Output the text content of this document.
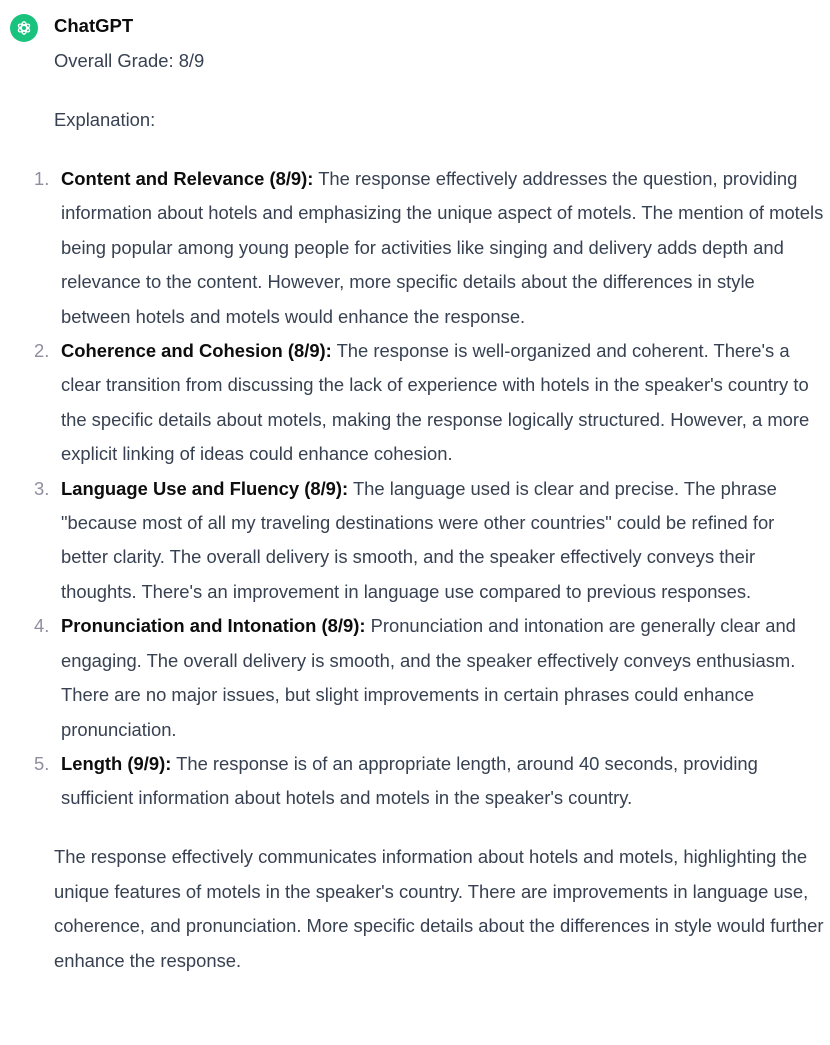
ChatGPT

Overall Grade: 8/9

Explanation:

1. Content and Relevance (8/9): The response effectively addresses the question, providing information about hotels and emphasizing the unique aspect of motels. The mention of motels being popular among young people for activities like singing and delivery adds depth and relevance to the content. However, more specific details about the differences in style between hotels and motels would enhance the response.
2. Coherence and Cohesion (8/9): The response is well-organized and coherent. There's a clear transition from discussing the lack of experience with hotels in the speaker's country to the specific details about motels, making the response logically structured. However, a more explicit linking of ideas could enhance cohesion.
3. Language Use and Fluency (8/9): The language used is clear and precise. The phrase "because most of all my traveling destinations were other countries" could be refined for better clarity. The overall delivery is smooth, and the speaker effectively conveys their thoughts. There's an improvement in language use compared to previous responses.
4. Pronunciation and Intonation (8/9): Pronunciation and intonation are generally clear and engaging. The overall delivery is smooth, and the speaker effectively conveys enthusiasm. There are no major issues, but slight improvements in certain phrases could enhance pronunciation.
5. Length (9/9): The response is of an appropriate length, around 40 seconds, providing sufficient information about hotels and motels in the speaker's country.

The response effectively communicates information about hotels and motels, highlighting the unique features of motels in the speaker's country. There are improvements in language use, coherence, and pronunciation. More specific details about the differences in style would further enhance the response.
